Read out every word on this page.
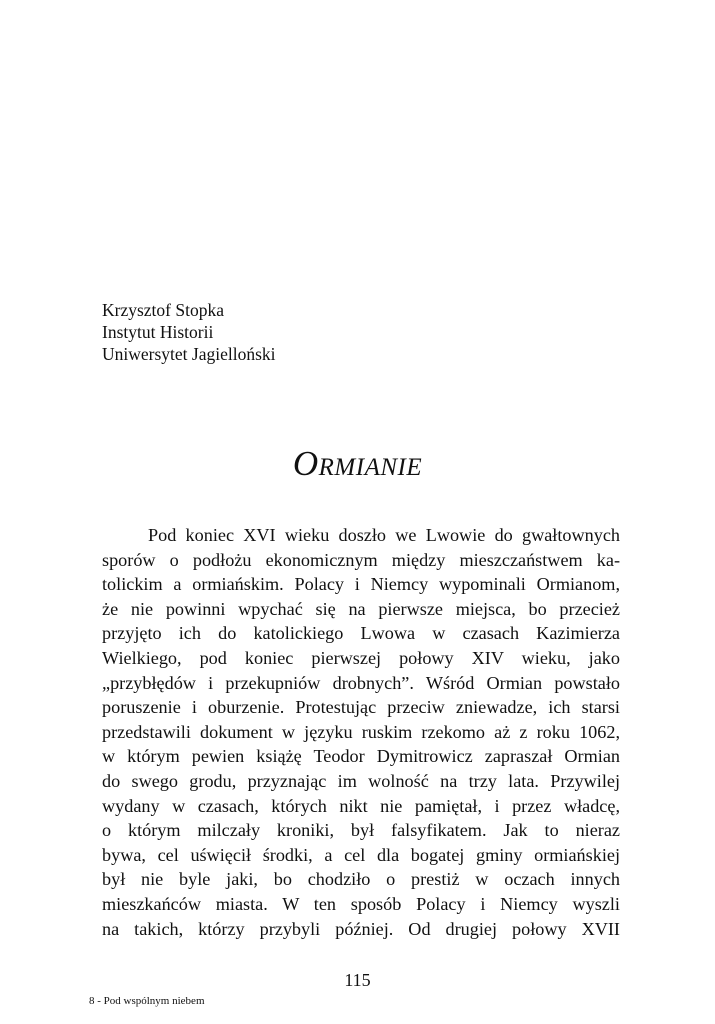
Krzysztof Stopka
Instytut Historii
Uniwersytet Jagielloński
Ormianie
Pod koniec XVI wieku doszło we Lwowie do gwałtownych
sporów o podłożu ekonomicznym między mieszczaństwem ka-
tolickim a ormiańskim. Polacy i Niemcy wypominali Ormianom,
że nie powinni wpychać się na pierwsze miejsca, bo przecież
przyjęto ich do katolickiego Lwowa w czasach Kazimierza
Wielkiego, pod koniec pierwszej połowy XIV wieku, jako
„przybłędów i przekupniów drobnych”. Wśród Ormian powstało
poruszenie i oburzenie. Protestując przeciw zniewadze, ich starsi
przedstawili dokument w języku ruskim rzekomo aż z roku 1062,
w którym pewien książę Teodor Dymitrowicz zapraszał Ormian
do swego grodu, przyznając im wolność na trzy lata. Przywilej
wydany w czasach, których nikt nie pamiętał, i przez władcę,
o którym milczały kroniki, był falsyfikatem. Jak to nieraz
bywa, cel uświęcił środki, a cel dla bogatej gminy ormiańskiej
był nie byle jaki, bo chodziło o prestiż w oczach innych
mieszkańców miasta. W ten sposób Polacy i Niemcy wyszli
na takich, którzy przybyli później. Od drugiej połowy XVII
115
8 - Pod wspólnym niebem
